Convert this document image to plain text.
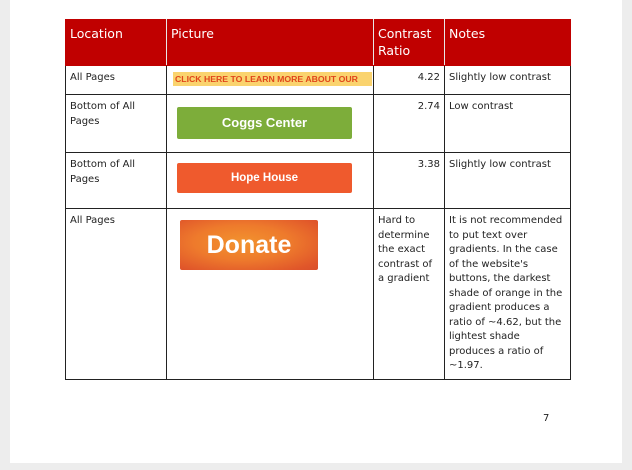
Location	Picture	Contrast Ratio	Notes
All Pages	CLICK HERE TO LEARN MORE ABOUT OUR	4.22	Slightly low contrast
Bottom of All Pages	Coggs Center	2.74	Low contrast
Bottom of All Pages	Hope House	3.38	Slightly low contrast
All Pages	Donate	Hard to determine the exact contrast of a gradient	It is not recommended to put text over gradients. In the case of the website's buttons, the darkest shade of orange in the gradient produces a ratio of ~4.62, but the lightest shade produces a ratio of ~1.97.
7
